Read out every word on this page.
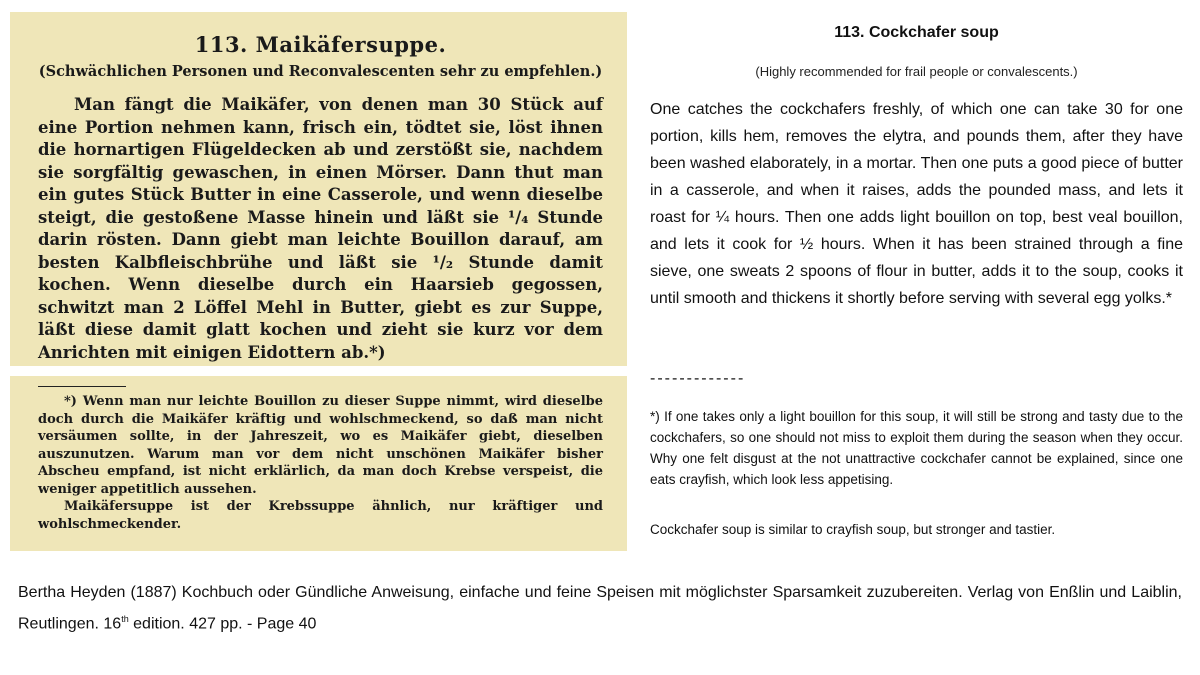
113. Maikäfersuppe.
(Schwächlichen Personen und Reconvalescenten sehr zu empfehlen.)

Man fängt die Maikäfer, von denen man 30 Stück auf eine Portion nehmen kann, frisch ein, tödtet sie, löst ihnen die hornartigen Flügeldecken ab und zerstößt sie, nachdem sie sorgfältig gewaschen, in einen Mörser. Dann thut man ein gutes Stück Butter in eine Casserole, und wenn dieselbe steigt, die gestoßene Masse hinein und läßt sie ¹/₄ Stunde darin rösten. Dann giebt man leichte Bouillon darauf, am besten Kalbfleischbrühe und läßt sie ¹/₂ Stunde damit kochen. Wenn dieselbe durch ein Haarsieb gegossen, schwitzt man 2 Löffel Mehl in Butter, giebt es zur Suppe, läßt diese damit glatt kochen und zieht sie kurz vor dem Anrichten mit einigen Eidottern ab.*)

*) Wenn man nur leichte Bouillon zu dieser Suppe nimmt, wird dieselbe doch durch die Maikäfer kräftig und wohlschmeckend, so daß man nicht versäumen sollte, in der Jahreszeit, wo es Maikäfer giebt, dieselben auszunutzen. Warum man vor dem nicht unschönen Maikäfer bisher Abscheu empfand, ist nicht erklärlich, da man doch Krebse verspeist, die weniger appetitlich aussehen.

Maikäfersuppe ist der Krebssuppe ähnlich, nur kräftiger und wohlschmeckender.

113. Cockchafer soup
(Highly recommended for frail people or convalescents.)
One catches the cockchafers freshly, of which one can take 30 for one portion, kills hem, removes the elytra, and pounds them, after they have been washed elaborately, in a mortar. Then one puts a good piece of butter in a casserole, and when it raises, adds the pounded mass, and lets it roast for ¼ hours. Then one adds light bouillon on top, best veal bouillon, and lets it cook for ½ hours. When it has been strained through a fine sieve, one sweats 2 spoons of flour in butter, adds it to the soup, cooks it until smooth and thickens it shortly before serving with several egg yolks.*
-------------
*) If one takes only a light bouillon for this soup, it will still be strong and tasty due to the cockchafers, so one should not miss to exploit them during the season when they occur. Why one felt disgust at the not unattractive cockchafer cannot be explained, since one eats crayfish, which look less appetising.
Cockchafer soup is similar to crayfish soup, but stronger and tastier.
Bertha Heyden (1887) Kochbuch oder Gündliche Anweisung, einfache und feine Speisen mit möglichster Sparsamkeit zuzubereiten. Verlag von Enßlin und Laiblin, Reutlingen. 16th edition. 427 pp. - Page 40
